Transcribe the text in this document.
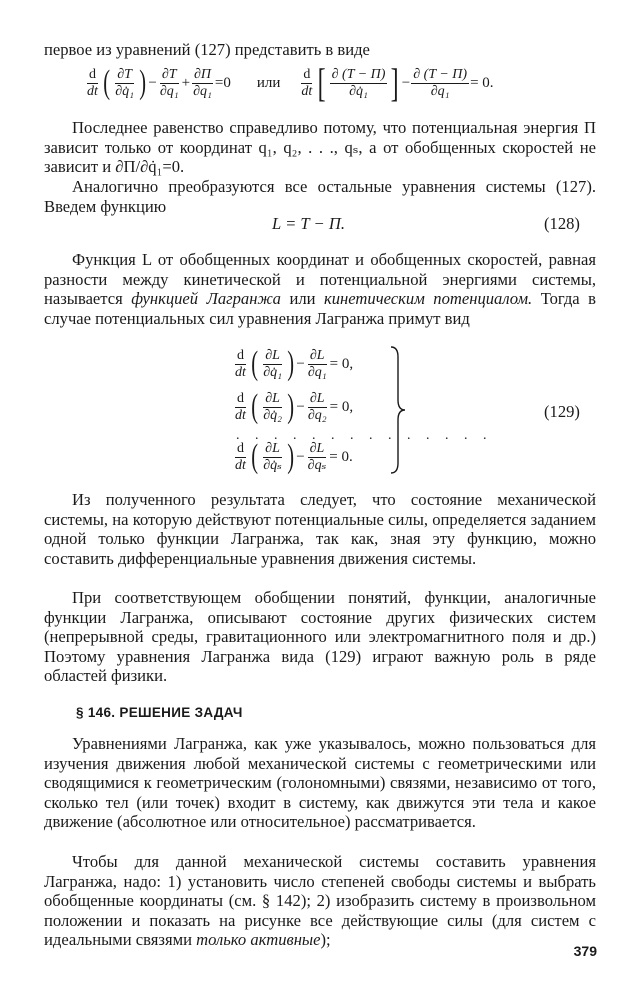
первое из уравнений (127) представить в виде
$\frac{d}{dt}$ ( $\frac{\partial T}{\text{∂q̇₁}}$ ) − $\frac{\partial T}{\text{∂q₁}} + \frac{\partial П}{\text{∂q₁}} =0$ или $\frac{d}{dt}$ [ $\frac{\partial (T - П)}{\text{∂q̇₁}}$ ] − $\frac{\partial (T - П)}{\text{∂q₁}} = 0$.

Последнее равенство справедливо потому, что потенциальная энергия П зависит только от координат q₁, q₂, . . ., qₛ, а от обобщенных скоростей не зависит и ∂П/∂q̇₁=0.

Аналогично преобразуются все остальные уравнения системы (127). Введем функцию

L = T − П.	(128)

Функция L от обобщенных координат и обобщенных скоростей, равная разности между кинетической и потенциальной энергиями системы, называется функцией Лагранжа или кинетическим потенциалом. Тогда в случае потенциальных сил уравнения Лагранжа примут вид

$\frac{d}{dt}$ ( $\frac{\partial L}{\text{∂q̇₁}}$ ) − $\frac{\partial L}{\text{∂q₁}} = 0$,
$\frac{d}{dt}$ ( $\frac{\partial L}{\text{∂q̇₂}}$ ) − $\frac{\partial L}{\text{∂q₂}} = 0$,
. . . . . . . . . . . . . .
$\frac{d}{dt}$ ( $\frac{\partial L}{\text{∂q̇ₛ}}$ ) − $\frac{\partial L}{\text{∂qₛ}} = 0$.
(129)

Из полученного результата следует, что состояние механической системы, на которую действуют потенциальные силы, определяется заданием одной только функции Лагранжа, так как, зная эту функцию, можно составить дифференциальные уравнения движения системы.

При соответствующем обобщении понятий, функции, аналогичные функции Лагранжа, описывают состояние других физических систем (непрерывной среды, гравитационного или электромагнитного поля и др.) Поэтому уравнения Лагранжа вида (129) играют важную роль в ряде областей физики.

§ 146. РЕШЕНИЕ ЗАДАЧ

Уравнениями Лагранжа, как уже указывалось, можно пользоваться для изучения движения любой механической системы с геометрическими или сводящимися к геометрическим (голономными) связями, независимо от того, сколько тел (или точек) входит в систему, как движутся эти тела и какое движение (абсолютное или относительное) рассматривается.

Чтобы для данной механической системы составить уравнения Лагранжа, надо: 1) установить число степеней свободы системы и выбрать обобщенные координаты (см. § 142); 2) изобразить систему в произвольном положении и показать на рисунке все действующие силы (для систем с идеальными связями только активные);

379
